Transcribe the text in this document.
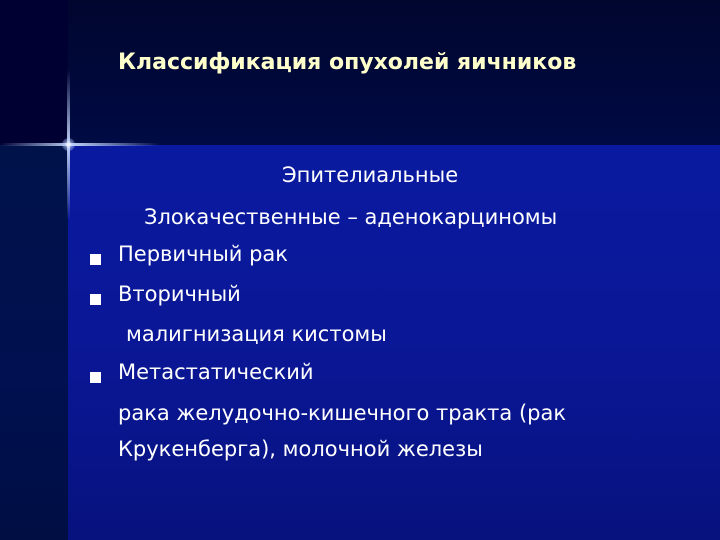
Классификация опухолей яичников
Эпителиальные
Злокачественные – аденокарциномы
Первичный рак
Вторичный
малигнизация кистомы
Метастатический
рака желудочно-кишечного тракта (рак
Крукенберга), молочной железы
